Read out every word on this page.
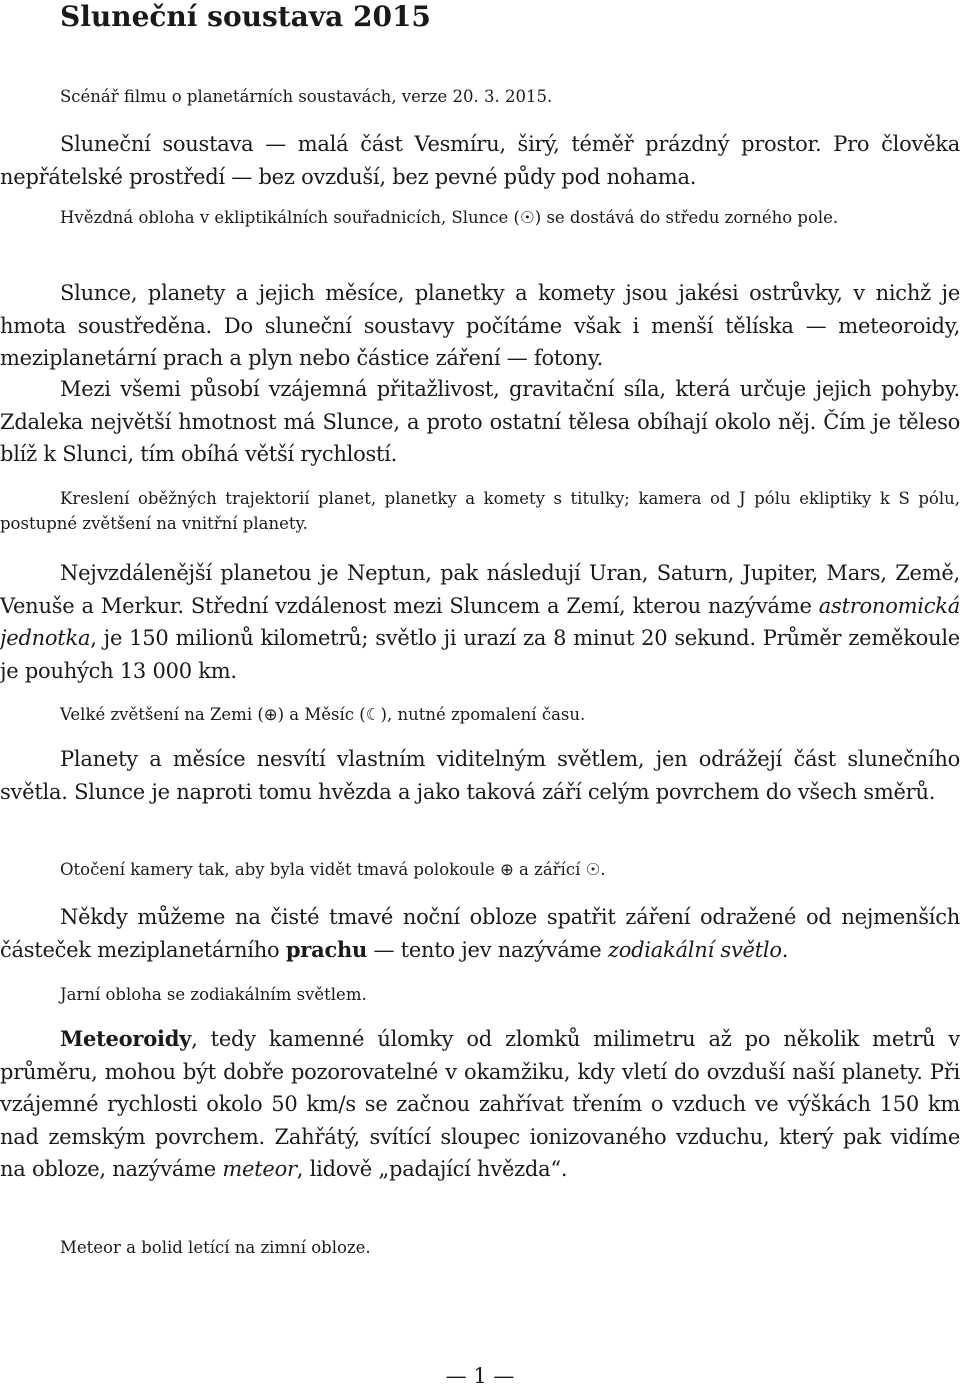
Sluneční soustava 2015

Scénář filmu o planetárních soustavách, verze 20. 3. 2015.

Sluneční soustava — malá část Vesmíru, širý, téměř prázdný prostor. Pro člověka nepřátelské prostředí — bez ovzduší, bez pevné půdy pod nohama.

Hvězdná obloha v ekliptikálních souřadnicích, Slunce (☉) se dostává do středu zorného pole.

Slunce, planety a jejich měsíce, planetky a komety jsou jakési ostrůvky, v nichž je hmota soustředěna. Do sluneční soustavy počítáme však i menší tělíska — meteoroidy, meziplanetární prach a plyn nebo částice záření — fotony.

Mezi všemi působí vzájemná přitažlivost, gravitační síla, která určuje jejich pohyby. Zdaleka největší hmotnost má Slunce, a proto ostatní tělesa obíhají okolo něj. Čím je těleso blíž k Slunci, tím obíhá větší rychlostí.

Kreslení oběžných trajektorií planet, planetky a komety s titulky; kamera od J pólu ekliptiky k S pólu, postupné zvětšení na vnitřní planety.

Nejvzdálenější planetou je Neptun, pak následují Uran, Saturn, Jupiter, Mars, Země, Venuše a Merkur. Střední vzdálenost mezi Sluncem a Zemí, kterou nazýváme astronomická jednotka, je 150 milionů kilometrů; světlo ji urazí za 8 minut 20 sekund. Průměr zeměkoule je pouhých 13 000 km.

Velké zvětšení na Zemi (⊕) a Měsíc (☾), nutné zpomalení času.

Planety a měsíce nesvítí vlastním viditelným světlem, jen odrážejí část slunečního světla. Slunce je naproti tomu hvězda a jako taková září celým povrchem do všech směrů.

Otočení kamery tak, aby byla vidět tmavá polokoule ⊕ a zářící ☉.

Někdy můžeme na čisté tmavé noční obloze spatřit záření odražené od nejmenších částeček meziplanetárního prachu — tento jev nazýváme zodiakální světlo.

Jarní obloha se zodiakálním světlem.

Meteoroidy, tedy kamenné úlomky od zlomků milimetru až po několik metrů v průměru, mohou být dobře pozorovatelné v okamžiku, kdy vletí do ovzduší naší planety. Při vzájemné rychlosti okolo 50 km/s se začnou zahřívat třením o vzduch ve výškách 150 km nad zemským povrchem. Zahřátý, svítící sloupec ionizovaného vzduchu, který pak vidíme na obloze, nazýváme meteor, lidově „padající hvězda“.

Meteor a bolid letící na zimní obloze.

— 1 —
